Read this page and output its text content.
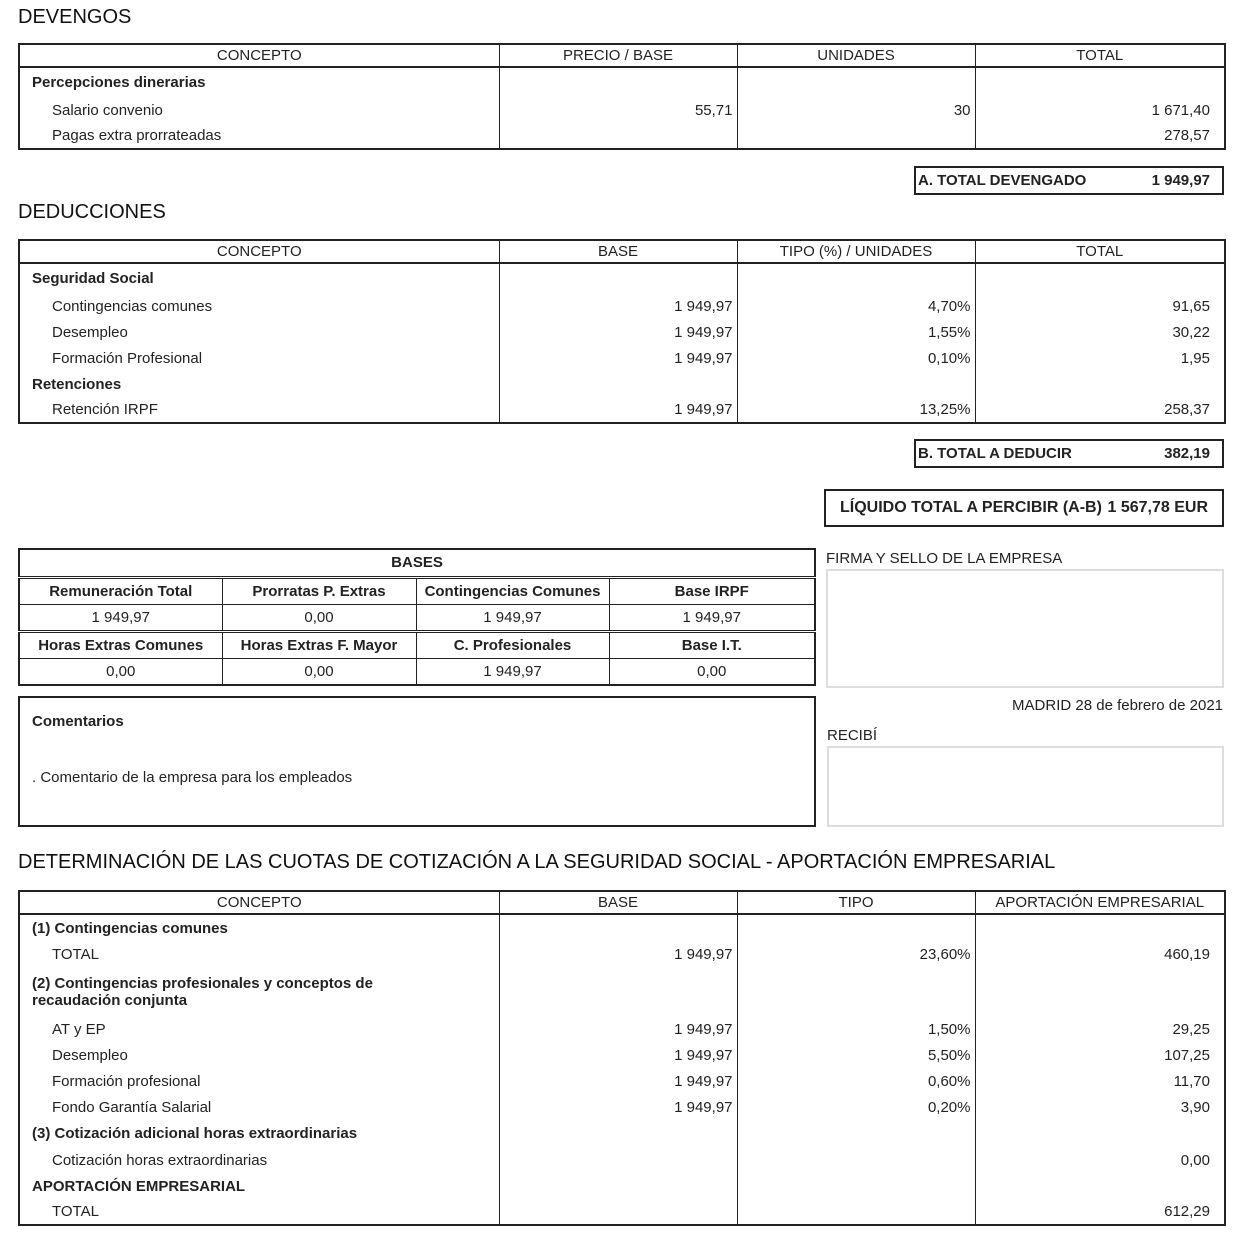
DEVENGOS
CONCEPTO	PRECIO / BASE	UNIDADES	TOTAL
Percepciones dinerarias			
Salario convenio	55,71	30	1 671,40
Pagas extra prorrateadas			278,57
A. TOTAL DEVENGADO	1 949,97
DEDUCCIONES
CONCEPTO	BASE	TIPO (%) / UNIDADES	TOTAL
Seguridad Social			
Contingencias comunes	1 949,97	4,70%	91,65
Desempleo	1 949,97	1,55%	30,22
Formación Profesional	1 949,97	0,10%	1,95
Retenciones			
Retención IRPF	1 949,97	13,25%	258,37
B. TOTAL A DEDUCIR	382,19
LÍQUIDO TOTAL A PERCIBIR (A-B) 1 567,78 EUR
BASES			
Remuneración Total	Prorratas P. Extras	Contingencias Comunes	Base IRPF
1 949,97	0,00	1 949,97	1 949,97
Horas Extras Comunes	Horas Extras F. Mayor	C. Profesionales	Base I.T.
0,00	0,00	1 949,97	0,00
Comentarios
. Comentario de la empresa para los empleados
FIRMA Y SELLO DE LA EMPRESA
MADRID 28 de febrero de 2021
RECIBÍ
DETERMINACIÓN DE LAS CUOTAS DE COTIZACIÓN A LA SEGURIDAD SOCIAL - APORTACIÓN EMPRESARIAL
CONCEPTO	BASE	TIPO	APORTACIÓN EMPRESARIAL
(1) Contingencias comunes			
TOTAL	1 949,97	23,60%	460,19
(2) Contingencias profesionales y conceptos de recaudación conjunta			
AT y EP	1 949,97	1,50%	29,25
Desempleo	1 949,97	5,50%	107,25
Formación profesional	1 949,97	0,60%	11,70
Fondo Garantía Salarial	1 949,97	0,20%	3,90
(3) Cotización adicional horas extraordinarias			
Cotización horas extraordinarias			0,00
APORTACIÓN EMPRESARIAL			
TOTAL			612,29
